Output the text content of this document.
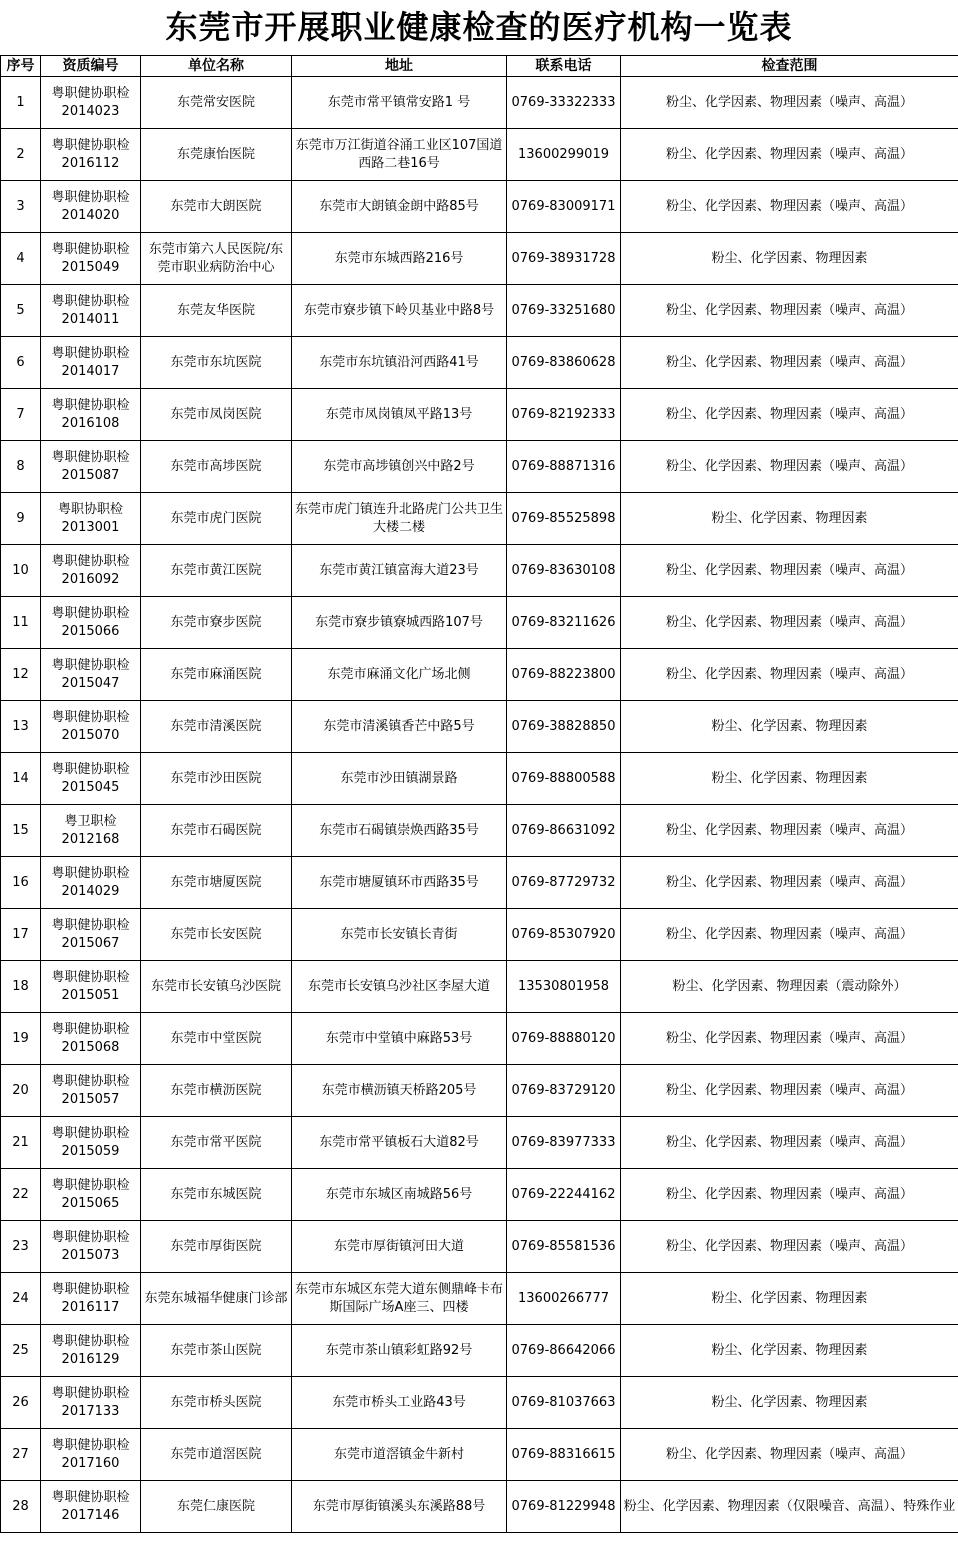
东莞市开展职业健康检查的医疗机构一览表
序号	资质编号	单位名称	地址	联系电话	检查范围
1	粤职健协职检2014023	东莞常安医院	东莞市常平镇常安路1 号	0769-33322333	粉尘、化学因素、物理因素（噪声、高温）
2	粤职健协职检2016112	东莞康怡医院	东莞市万江街道谷涌工业区107国道西路二巷16号	13600299019	粉尘、化学因素、物理因素（噪声、高温）
3	粤职健协职检2014020	东莞市大朗医院	东莞市大朗镇金朗中路85号	0769-83009171	粉尘、化学因素、物理因素（噪声、高温）
4	粤职健协职检2015049	东莞市第六人民医院/东莞市职业病防治中心	东莞市东城西路216号	0769-38931728	粉尘、化学因素、物理因素
5	粤职健协职检2014011	东莞友华医院	东莞市寮步镇下岭贝基业中路8号	0769-33251680	粉尘、化学因素、物理因素（噪声、高温）
6	粤职健协职检2014017	东莞市东坑医院	东莞市东坑镇沿河西路41号	0769-83860628	粉尘、化学因素、物理因素（噪声、高温）
7	粤职健协职检2016108	东莞市凤岗医院	东莞市凤岗镇凤平路13号	0769-82192333	粉尘、化学因素、物理因素（噪声、高温）
8	粤职健协职检2015087	东莞市高埗医院	东莞市高埗镇创兴中路2号	0769-88871316	粉尘、化学因素、物理因素（噪声、高温）
9	粤职协职检2013001	东莞市虎门医院	东莞市虎门镇连升北路虎门公共卫生大楼二楼	0769-85525898	粉尘、化学因素、物理因素
10	粤职健协职检2016092	东莞市黄江医院	东莞市黄江镇富海大道23号	0769-83630108	粉尘、化学因素、物理因素（噪声、高温）
11	粤职健协职检2015066	东莞市寮步医院	东莞市寮步镇寮城西路107号	0769-83211626	粉尘、化学因素、物理因素（噪声、高温）
12	粤职健协职检2015047	东莞市麻涌医院	东莞市麻涌文化广场北侧	0769-88223800	粉尘、化学因素、物理因素（噪声、高温）
13	粤职健协职检2015070	东莞市清溪医院	东莞市清溪镇香芒中路5号	0769-38828850	粉尘、化学因素、物理因素
14	粤职健协职检2015045	东莞市沙田医院	东莞市沙田镇湖景路	0769-88800588	粉尘、化学因素、物理因素
15	粤卫职检2012168	东莞市石碣医院	东莞市石碣镇崇焕西路35号	0769-86631092	粉尘、化学因素、物理因素（噪声、高温）
16	粤职健协职检2014029	东莞市塘厦医院	东莞市塘厦镇环市西路35号	0769-87729732	粉尘、化学因素、物理因素（噪声、高温）
17	粤职健协职检2015067	东莞市长安医院	东莞市长安镇长青街	0769-85307920	粉尘、化学因素、物理因素（噪声、高温）
18	粤职健协职检2015051	东莞市长安镇乌沙医院	东莞市长安镇乌沙社区李屋大道	13530801958	粉尘、化学因素、物理因素（震动除外）
19	粤职健协职检2015068	东莞市中堂医院	东莞市中堂镇中麻路53号	0769-88880120	粉尘、化学因素、物理因素（噪声、高温）
20	粤职健协职检2015057	东莞市横沥医院	东莞市横沥镇天桥路205号	0769-83729120	粉尘、化学因素、物理因素（噪声、高温）
21	粤职健协职检2015059	东莞市常平医院	东莞市常平镇板石大道82号	0769-83977333	粉尘、化学因素、物理因素（噪声、高温）
22	粤职健协职检2015065	东莞市东城医院	东莞市东城区南城路56号	0769-22244162	粉尘、化学因素、物理因素（噪声、高温）
23	粤职健协职检2015073	东莞市厚街医院	东莞市厚街镇河田大道	0769-85581536	粉尘、化学因素、物理因素（噪声、高温）
24	粤职健协职检2016117	东莞东城福华健康门诊部	东莞市东城区东莞大道东侧鼎峰卡布斯国际广场A座三、四楼	13600266777	粉尘、化学因素、物理因素
25	粤职健协职检2016129	东莞市茶山医院	东莞市茶山镇彩虹路92号	0769-86642066	粉尘、化学因素、物理因素
26	粤职健协职检2017133	东莞市桥头医院	东莞市桥头工业路43号	0769-81037663	粉尘、化学因素、物理因素
27	粤职健协职检2017160	东莞市道滘医院	东莞市道滘镇金牛新村	0769-88316615	粉尘、化学因素、物理因素（噪声、高温）
28	粤职健协职检2017146	东莞仁康医院	东莞市厚街镇溪头东溪路88号	0769-81229948	粉尘、化学因素、物理因素（仅限噪音、高温）、特殊作业
